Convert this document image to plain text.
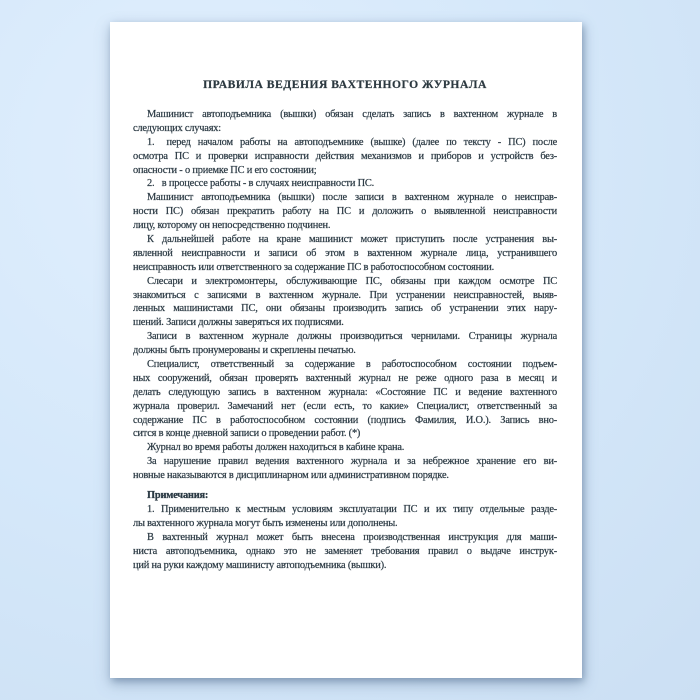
ПРАВИЛА ВЕДЕНИЯ ВАХТЕННОГО ЖУРНАЛА
Машинист автоподъемника (вышки) обязан сделать запись в вахтенном журнале в
следующих случаях:
1.  перед началом работы на автоподъемнике (вышке) (далее по тексту - ПС) после
осмотра ПС и проверки исправности действия механизмов и приборов и устройств без-
опасности - о приемке ПС и его состоянии;
2.  в процессе работы - в случаях неисправности ПС.
Машинист автоподъемника (вышки) после записи в вахтенном журнале о неисправ-
ности ПС) обязан прекратить работу на ПС и доложить о выявленной неисправности
лицу, которому он непосредственно подчинен.
К дальнейшей работе на кране машинист может приступить после устранения вы-
явленной неисправности и записи об этом в вахтенном журнале лица, устранившего
неисправность или ответственного за содержание ПС в работоспособном состоянии.
Слесари и электромонтеры, обслуживающие ПС, обязаны при каждом осмотре ПС
знакомиться с записями в вахтенном журнале. При устранении неисправностей, выяв-
ленных машинистами ПС, они обязаны производить запись об устранении этих нару-
шений. Записи должны заверяться их подписями.
Записи в вахтенном журнале должны производиться чернилами. Страницы журнала
должны быть пронумерованы и скреплены печатью.
Специалист, ответственный за содержание в работоспособном состоянии подъем-
ных сооружений, обязан проверять вахтенный журнал не реже одного раза в месяц и
делать следующую запись в вахтенном журнала: «Состояние ПС и ведение вахтенного
журнала проверил. Замечаний нет (если есть, то какие» Специалист, ответственный за
содержание ПС в работоспособном состоянии (подпись Фамилия, И.О.). Запись вно-
сится в конце дневной записи о проведении работ. (*)
Журнал во время работы должен находиться в кабине крана.
За нарушение правил ведения вахтенного журнала и за небрежное хранение его ви-
новные наказываются в дисциплинарном или административном порядке.
Примечания:
1. Применительно к местным условиям эксплуатации ПС и их типу отдельные разде-
лы вахтенного журнала могут быть изменены или дополнены.
В вахтенный журнал может быть внесена производственная инструкция для маши-
ниста автоподъемника, однако это не заменяет требования правил о выдаче инструк-
ций на руки каждому машинисту автоподъемника (вышки).
